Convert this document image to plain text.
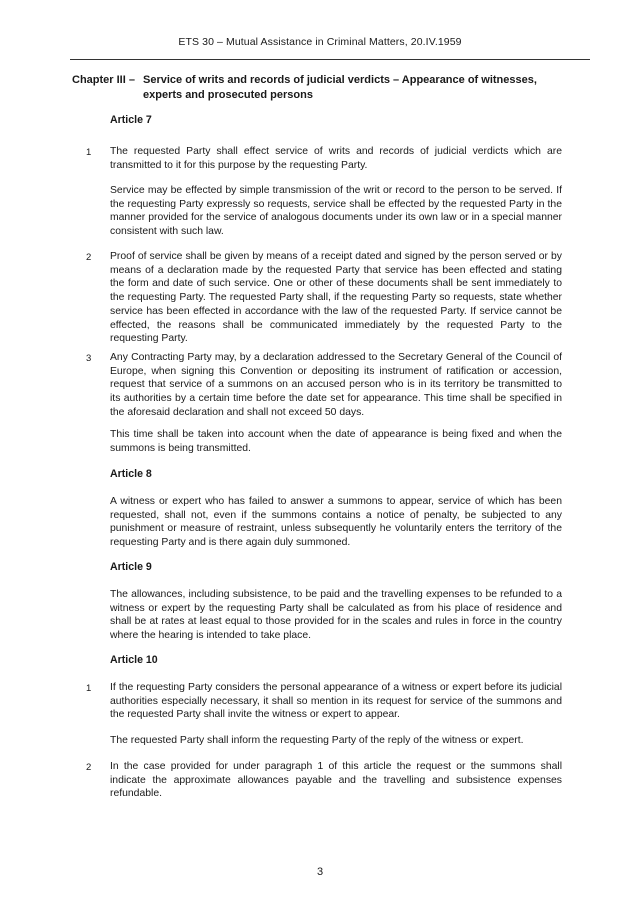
ETS 30 – Mutual Assistance in Criminal Matters, 20.IV.1959
Chapter III – Service of writs and records of judicial verdicts – Appearance of witnesses, experts and prosecuted persons

Article 7

1 The requested Party shall effect service of writs and records of judicial verdicts which are transmitted to it for this purpose by the requesting Party.

Service may be effected by simple transmission of the writ or record to the person to be served. If the requesting Party expressly so requests, service shall be effected by the requested Party in the manner provided for the service of analogous documents under its own law or in a special manner consistent with such law.

2 Proof of service shall be given by means of a receipt dated and signed by the person served or by means of a declaration made by the requested Party that service has been effected and stating the form and date of such service. One or other of these documents shall be sent immediately to the requesting Party. The requested Party shall, if the requesting Party so requests, state whether service has been effected in accordance with the law of the requested Party. If service cannot be effected, the reasons shall be communicated immediately by the requested Party to the requesting Party.

3 Any Contracting Party may, by a declaration addressed to the Secretary General of the Council of Europe, when signing this Convention or depositing its instrument of ratification or accession, request that service of a summons on an accused person who is in its territory be transmitted to its authorities by a certain time before the date set for appearance. This time shall be specified in the aforesaid declaration and shall not exceed 50 days.

This time shall be taken into account when the date of appearance is being fixed and when the summons is being transmitted.

Article 8

A witness or expert who has failed to answer a summons to appear, service of which has been requested, shall not, even if the summons contains a notice of penalty, be subjected to any punishment or measure of restraint, unless subsequently he voluntarily enters the territory of the requesting Party and is there again duly summoned.

Article 9

The allowances, including subsistence, to be paid and the travelling expenses to be refunded to a witness or expert by the requesting Party shall be calculated as from his place of residence and shall be at rates at least equal to those provided for in the scales and rules in force in the country where the hearing is intended to take place.

Article 10

1 If the requesting Party considers the personal appearance of a witness or expert before its judicial authorities especially necessary, it shall so mention in its request for service of the summons and the requested Party shall invite the witness or expert to appear.

The requested Party shall inform the requesting Party of the reply of the witness or expert.

2 In the case provided for under paragraph 1 of this article the request or the summons shall indicate the approximate allowances payable and the travelling and subsistence expenses refundable.

3
